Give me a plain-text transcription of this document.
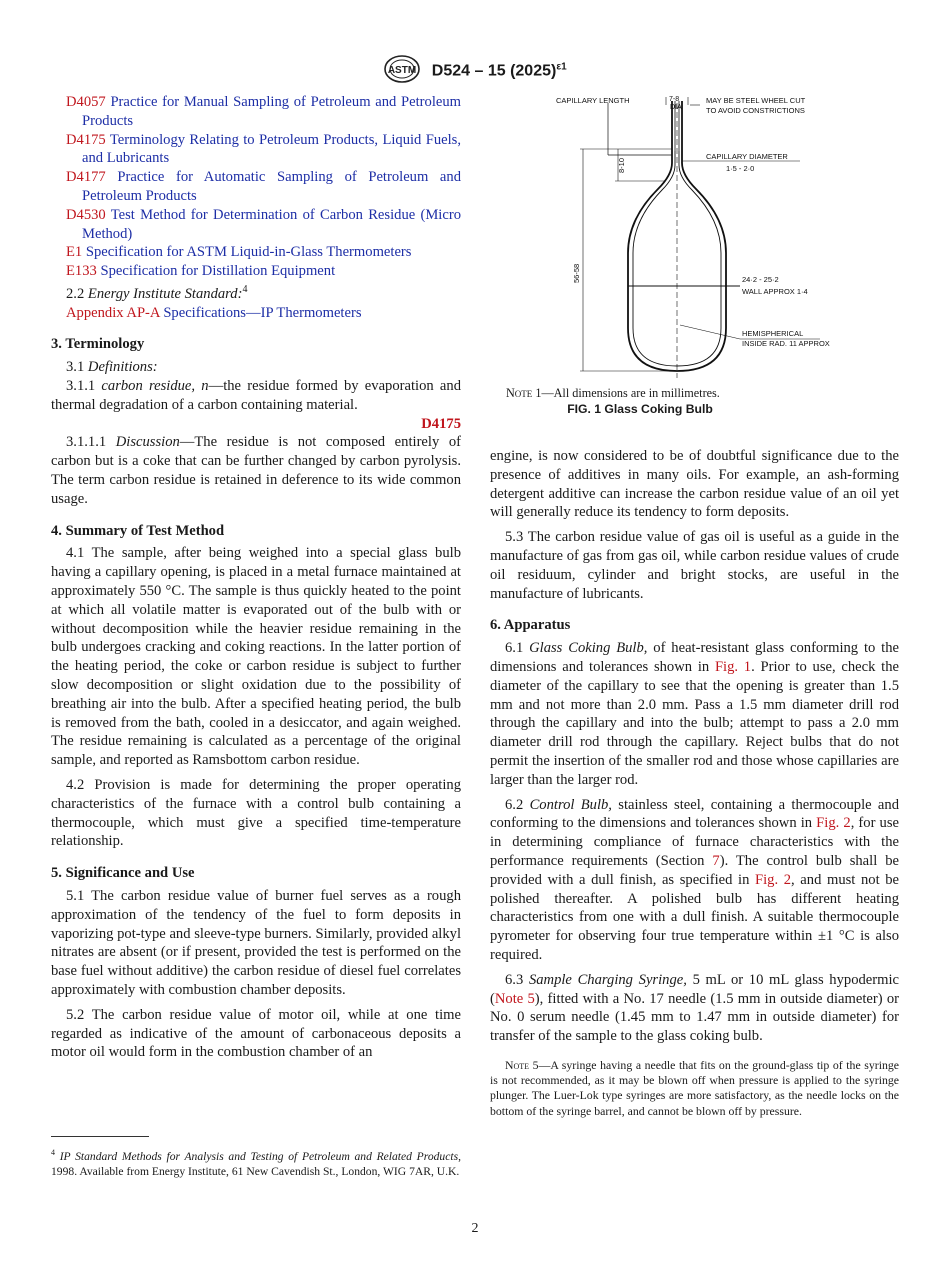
ASTM D524 – 15 $(2025)^{\varepsilon 1}$
D4057 Practice for Manual Sampling of Petroleum and Petroleum Products
D4175 Terminology Relating to Petroleum Products, Liquid Fuels, and Lubricants
D4177 Practice for Automatic Sampling of Petroleum and Petroleum Products
D4530 Test Method for Determination of Carbon Residue (Micro Method)
E1 Specification for ASTM Liquid-in-Glass Thermometers
E133 Specification for Distillation Equipment

2.2 Energy Institute Standard:$^4$

Appendix AP-A Specifications—IP Thermometers
3. Terminology

3.1 Definitions:

3.1.1 carbon residue, n—the residue formed by evaporation and thermal degradation of a carbon containing material.

D4175

3.1.1.1 Discussion—The residue is not composed entirely of carbon but is a coke that can be further changed by carbon pyrolysis. The term carbon residue is retained in deference to its wide common usage.

4. Summary of Test Method

4.1 The sample, after being weighed into a special glass bulb having a capillary opening, is placed in a metal furnace maintained at approximately 550 °C. The sample is thus quickly heated to the point at which all volatile matter is evaporated out of the bulb with or without decomposition while the heavier residue remaining in the bulb undergoes cracking and coking reactions. In the latter portion of the heating period, the coke or carbon residue is subject to further slow decomposition or slight oxidation due to the possibility of breathing air into the bulb. After a specified heating period, the bulb is removed from the bath, cooled in a desiccator, and again weighed. The residue remaining is calculated as a percentage of the original sample, and reported as Ramsbottom carbon residue.

4.2 Provision is made for determining the proper operating characteristics of the furnace with a control bulb containing a thermocouple, which must give a specified time-temperature relationship.

5. Significance and Use

5.1 The carbon residue value of burner fuel serves as a rough approximation of the tendency of the fuel to form deposits in vaporizing pot-type and sleeve-type burners. Similarly, provided alkyl nitrates are absent (or if present, provided the test is performed on the base fuel without additive) the carbon residue of diesel fuel correlates approximately with combustion chamber deposits.

5.2 The carbon residue value of motor oil, while at one time regarded as indicative of the amount of carbonaceous deposits a motor oil would form in the combustion chamber of an

$^4$ IP Standard Methods for Analysis and Testing of Petroleum and Related Products, 1998. Available from Energy Institute, 61 New Cavendish St., London, WIG 7AR, U.K.
CAPILLARY LENGTH	7-8
DIA
MAY BE STEEL WHEEL CUT
TO AVOID CONSTRICTIONS
8-10
CAPILLARY DIAMETER
1·5 - 2·0
56-58	24·2 - 25·2
WALL APPROX 1·4
HEMISPHERICAL
INSIDE RAD. 11 APPROX
Note 1—All dimensions are in millimetres.
FIG. 1 Glass Coking Bulb

engine, is now considered to be of doubtful significance due to the presence of additives in many oils. For example, an ash-forming detergent additive can increase the carbon residue value of an oil yet will generally reduce its tendency to form deposits.

5.3 The carbon residue value of gas oil is useful as a guide in the manufacture of gas from gas oil, while carbon residue values of crude oil residuum, cylinder and bright stocks, are useful in the manufacture of lubricants.

6. Apparatus

6.1 Glass Coking Bulb, of heat-resistant glass conforming to the dimensions and tolerances shown in Fig. 1. Prior to use, check the diameter of the capillary to see that the opening is greater than 1.5 mm and not more than 2.0 mm. Pass a 1.5 mm diameter drill rod through the capillary and into the bulb; attempt to pass a 2.0 mm diameter drill rod through the capillary. Reject bulbs that do not permit the insertion of the smaller rod and those whose capillaries are larger than the larger rod.

6.2 Control Bulb, stainless steel, containing a thermocouple and conforming to the dimensions and tolerances shown in Fig. 2, for use in determining compliance of furnace characteristics with the performance requirements (Section 7). The control bulb shall be provided with a dull finish, as specified in Fig. 2, and must not be polished thereafter. A polished bulb has different heating characteristics from one with a dull finish. A suitable thermocouple pyrometer for observing four true temperature within ±1 °C is also required.

6.3 Sample Charging Syringe, 5 mL or 10 mL glass hypodermic (Note 5), fitted with a No. 17 needle (1.5 mm in outside diameter) or No. 0 serum needle (1.45 mm to 1.47 mm in outside diameter) for transfer of the sample to the glass coking bulb.

Note 5—A syringe having a needle that fits on the ground-glass tip of the syringe is not recommended, as it may be blown off when pressure is applied to the syringe plunger. The Luer-Lok type syringes are more satisfactory, as the needle locks on the bottom of the syringe barrel, and cannot be blown off by pressure.

2
